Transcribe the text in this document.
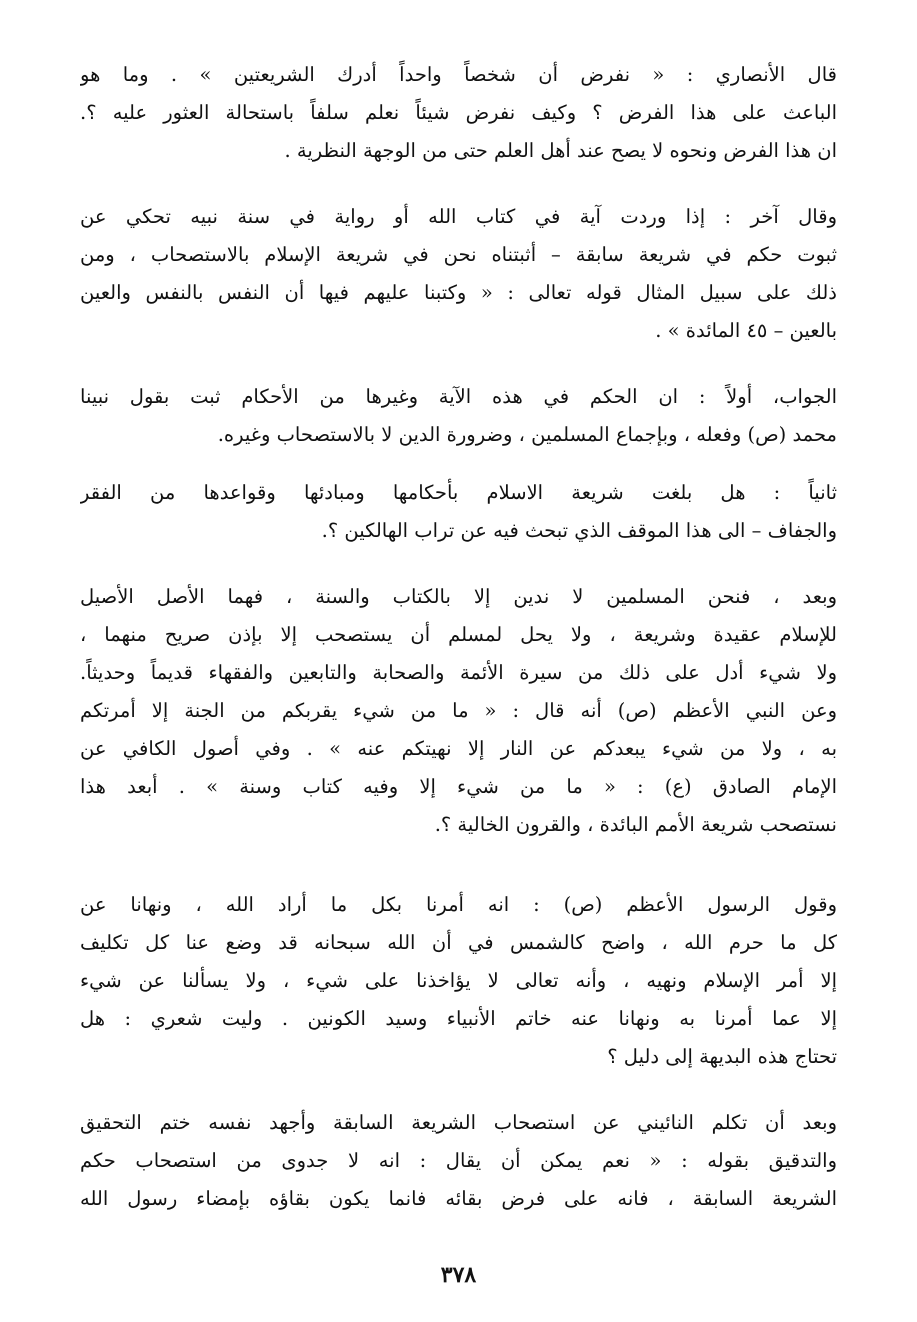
قال الأنصاري : « نفرض أن شخصاً واحداً أدرك الشريعتين » . وما هو
الباعث على هذا الفرض ؟ وكيف نفرض شيئاً نعلم سلفاً باستحالة العثور عليه ؟.
ان هذا الفرض ونحوه لا يصح عند أهل العلم حتى من الوجهة النظرية .
وقال آخر : إذا وردت آية في كتاب الله أو رواية في سنة نبيه تحكي عن
ثبوت حكم في شريعة سابقة – أثبتناه نحن في شريعة الإسلام بالاستصحاب ، ومن
ذلك على سبيل المثال قوله تعالى : « وكتبنا عليهم فيها أن النفس بالنفس والعين
بالعين – ٤٥ المائدة » .
الجواب، أولاً : ان الحكم في هذه الآية وغيرها من الأحكام ثبت بقول نبينا
محمد (ص) وفعله ، وبإجماع المسلمين ، وضرورة الدين لا بالاستصحاب وغيره.
ثانياً : هل بلغت شريعة الاسلام بأحكامها ومبادئها وقواعدها من الفقر
والجفاف – الى هذا الموقف الذي تبحث فيه عن تراب الهالكين ؟.
وبعد ، فنحن المسلمين لا ندين إلا بالكتاب والسنة ، فهما الأصل الأصيل
للإسلام عقيدة وشريعة ، ولا يحل لمسلم أن يستصحب إلا بإذن صريح منهما ،
ولا شيء أدل على ذلك من سيرة الأئمة والصحابة والتابعين والفقهاء قديماً وحديثاً.
وعن النبي الأعظم (ص) أنه قال : « ما من شيء يقربكم من الجنة إلا أمرتكم
به ، ولا من شيء يبعدكم عن النار إلا نهيتكم عنه » . وفي أصول الكافي عن
الإمام الصادق (ع) : « ما من شيء إلا وفيه كتاب وسنة » . أبعد هذا
نستصحب شريعة الأمم البائدة ، والقرون الخالية ؟.
وقول الرسول الأعظم (ص) : انه أمرنا بكل ما أراد الله ، ونهانا عن
كل ما حرم الله ، واضح كالشمس في أن الله سبحانه قد وضع عنا كل تكليف
إلا أمر الإسلام ونهيه ، وأنه تعالى لا يؤاخذنا على شيء ، ولا يسألنا عن شيء
إلا عما أمرنا به ونهانا عنه خاتم الأنبياء وسيد الكونين . وليت شعري : هل
تحتاج هذه البديهة إلى دليل ؟
وبعد أن تكلم النائيني عن استصحاب الشريعة السابقة وأجهد نفسه ختم التحقيق
والتدقيق بقوله : « نعم يمكن أن يقال : انه لا جدوى من استصحاب حكم
الشريعة السابقة ، فانه على فرض بقائه فانما يكون بقاؤه بإمضاء رسول الله
٣٧٨
